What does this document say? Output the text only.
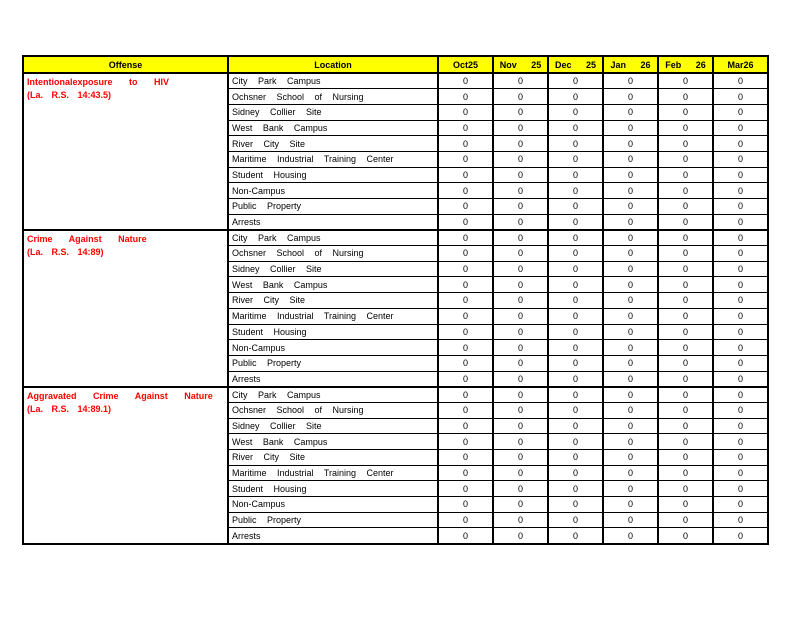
Offense	Location	Oct25	Nov 25	Dec 25	Jan 26	Feb 26	Mar26

Intentionalexposure to HIV
(La. R.S. 14:43.5)	City Park Campus	0	0	0	0	0	0
	Ochsner School of Nursing	0	0	0	0	0	0
	Sidney Collier Site	0	0	0	0	0	0
	West Bank Campus	0	0	0	0	0	0
	River City Site	0	0	0	0	0	0
	Maritime Industrial Training Center	0	0	0	0	0	0
	Student Housing	0	0	0	0	0	0
	Non-Campus	0	0	0	0	0	0
	Public Property	0	0	0	0	0	0
	Arrests	0	0	0	0	0	0

Crime Against Nature
(La. R.S. 14:89)	City Park Campus	0	0	0	0	0	0
	Ochsner School of Nursing	0	0	0	0	0	0
	Sidney Collier Site	0	0	0	0	0	0
	West Bank Campus	0	0	0	0	0	0
	River City Site	0	0	0	0	0	0
	Maritime Industrial Training Center	0	0	0	0	0	0
	Student Housing	0	0	0	0	0	0
	Non-Campus	0	0	0	0	0	0
	Public Property	0	0	0	0	0	0
	Arrests	0	0	0	0	0	0

Aggravated Crime Against Nature
(La. R.S. 14:89.1)	City Park Campus	0	0	0	0	0	0
	Ochsner School of Nursing	0	0	0	0	0	0
	Sidney Collier Site	0	0	0	0	0	0
	West Bank Campus	0	0	0	0	0	0
	River City Site	0	0	0	0	0	0
	Maritime Industrial Training Center	0	0	0	0	0	0
	Student Housing	0	0	0	0	0	0
	Non-Campus	0	0	0	0	0	0
	Public Property	0	0	0	0	0	0
	Arrests	0	0	0	0	0	0
